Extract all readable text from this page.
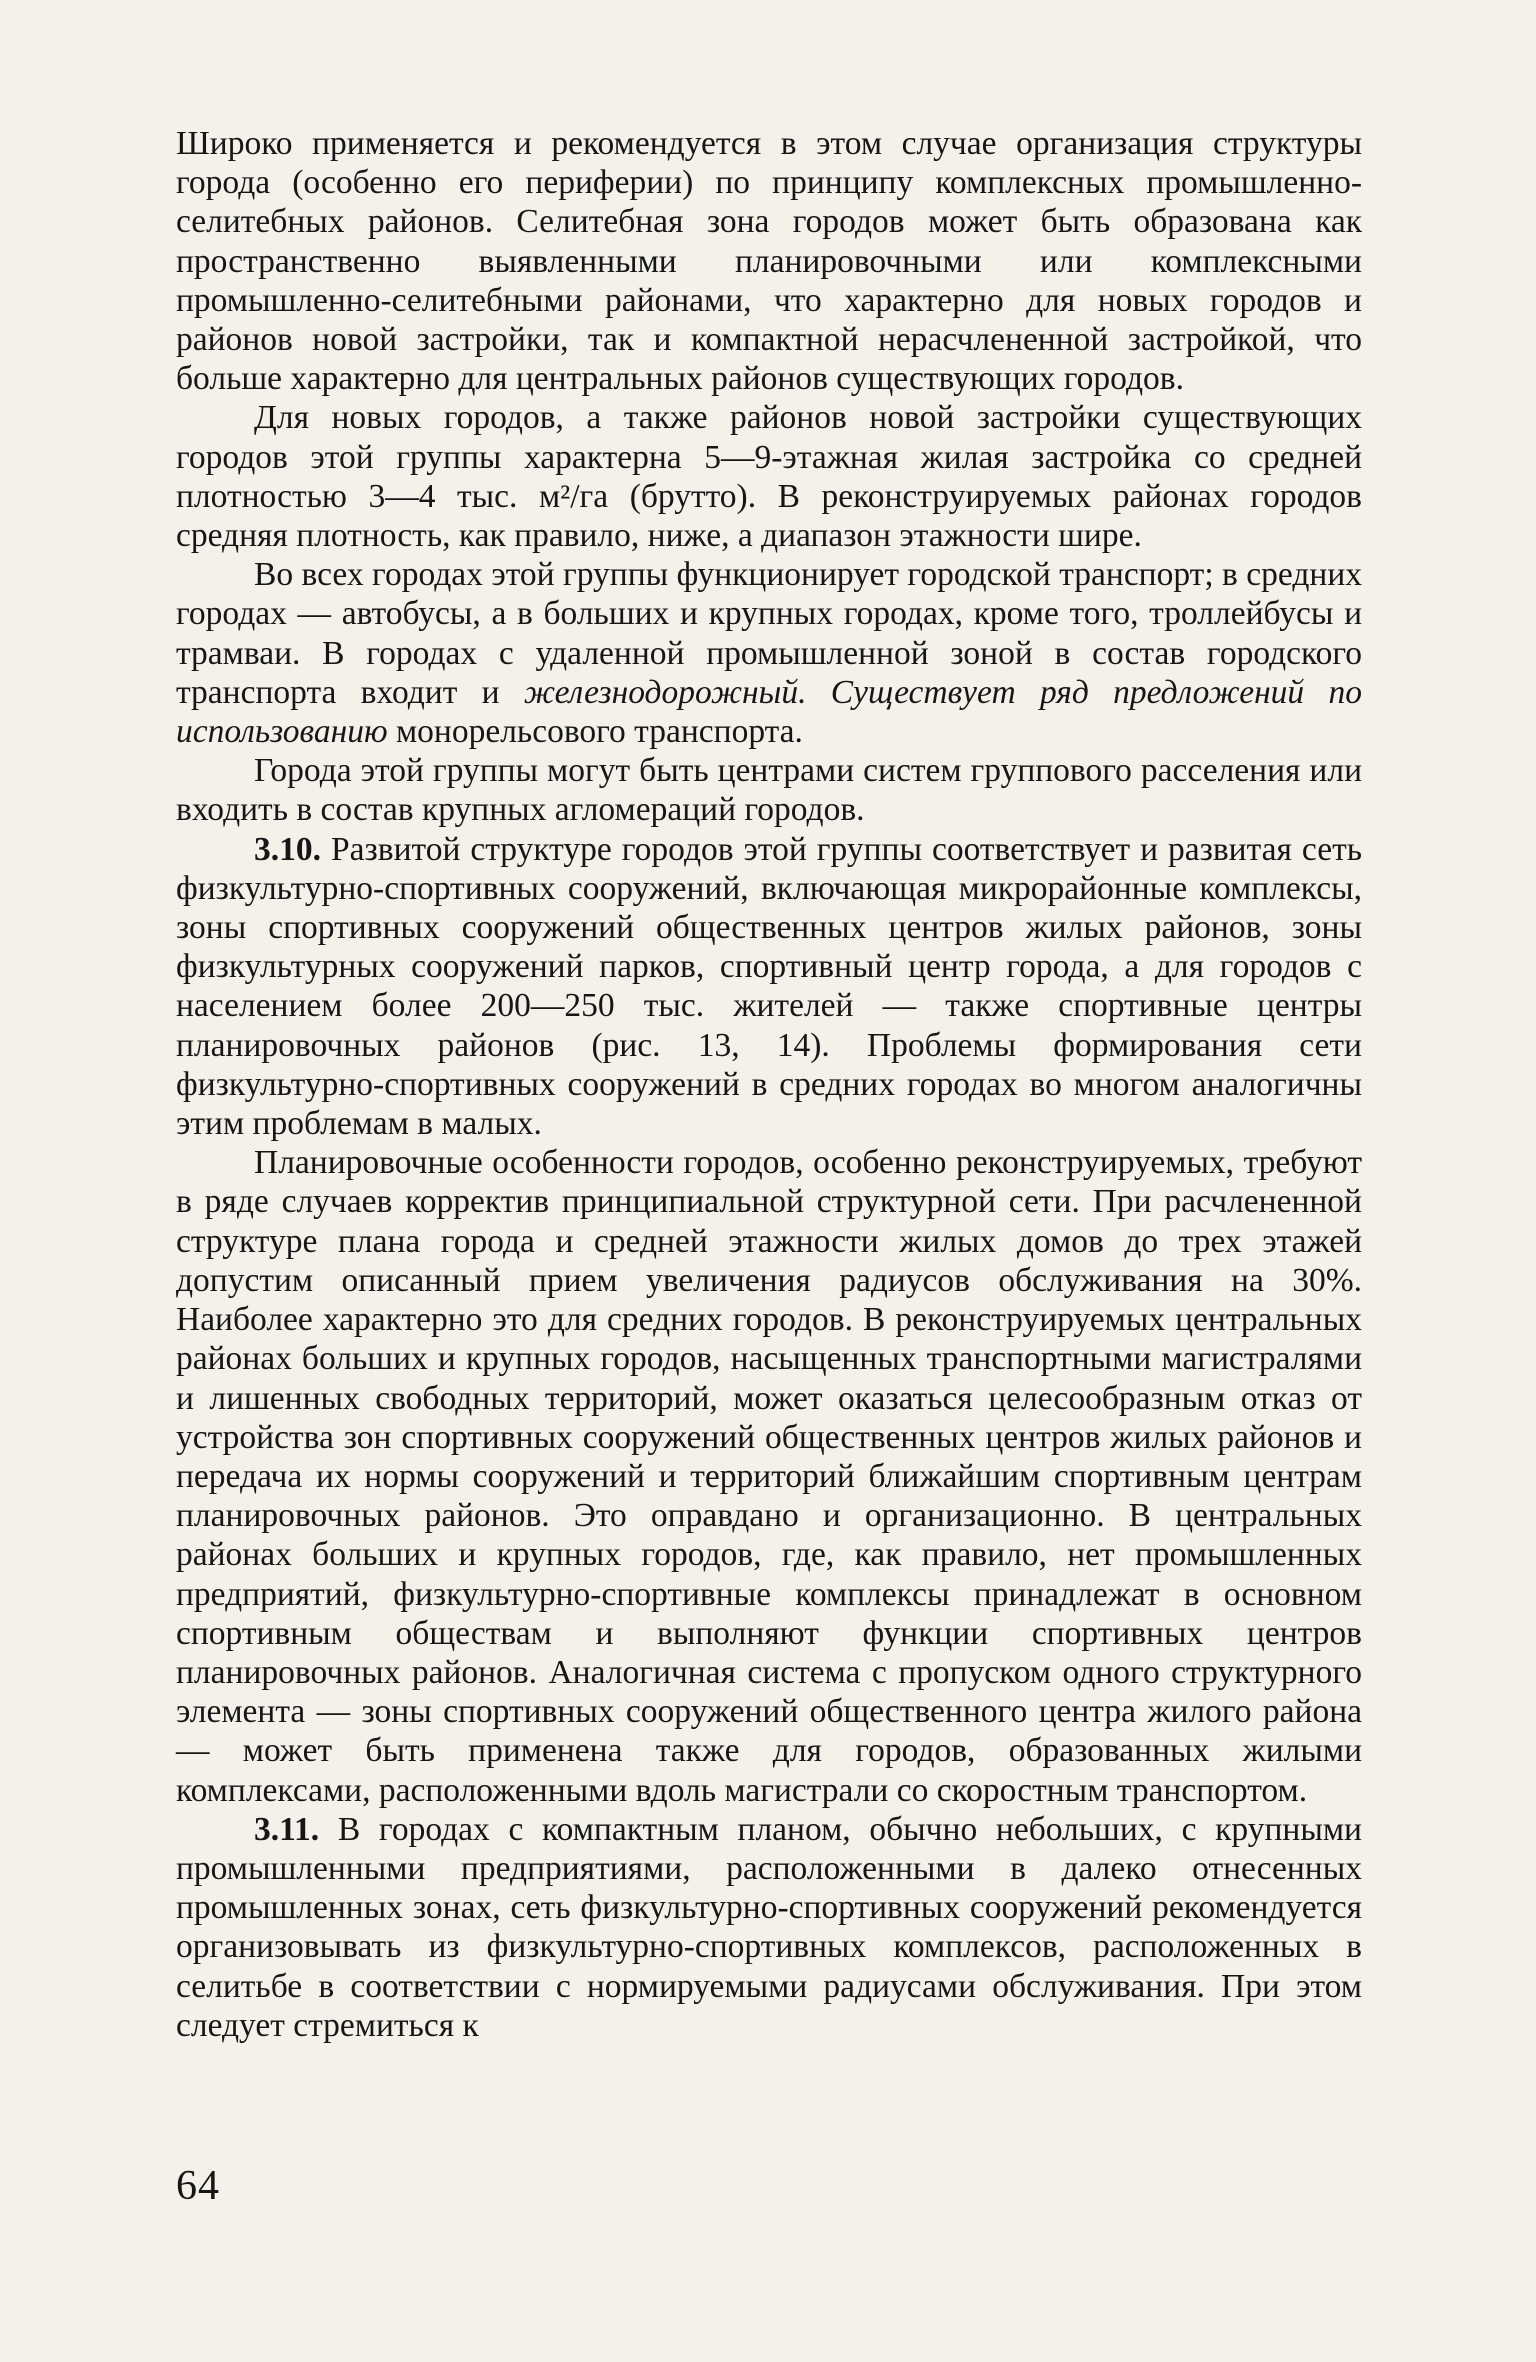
Широко применяется и рекомендуется в этом случае организация структуры города (особенно его периферии) по принципу комплексных промышленно-селитебных районов. Селитебная зона городов может быть образована как пространственно выявленными планировочными или комплексными промышленно-селитебными районами, что характерно для новых городов и районов новой застройки, так и компактной нерасчлененной застройкой, что больше характерно для центральных районов существующих городов.

Для новых городов, а также районов новой застройки существующих городов этой группы характерна 5—9-этажная жилая застройка со средней плотностью 3—4 тыс. м²/га (брутто). В реконструируемых районах городов средняя плотность, как правило, ниже, а диапазон этажности шире.

Во всех городах этой группы функционирует городской транспорт; в средних городах — автобусы, а в больших и крупных городах, кроме того, троллейбусы и трамваи. В городах с удаленной промышленной зоной в состав городского транспорта входит и железнодорожный. Существует ряд предложений по использованию монорельсового транспорта.

Города этой группы могут быть центрами систем группового расселения или входить в состав крупных агломераций городов.

3.10. Развитой структуре городов этой группы соответствует и развитая сеть физкультурно-спортивных сооружений, включающая микрорайонные комплексы, зоны спортивных сооружений общественных центров жилых районов, зоны физкультурных сооружений парков, спортивный центр города, а для городов с населением более 200—250 тыс. жителей — также спортивные центры планировочных районов (рис. 13, 14). Проблемы формирования сети физкультурно-спортивных сооружений в средних городах во многом аналогичны этим проблемам в малых.

Планировочные особенности городов, особенно реконструируемых, требуют в ряде случаев корректив принципиальной структурной сети. При расчлененной структуре плана города и средней этажности жилых домов до трех этажей допустим описанный прием увеличения радиусов обслуживания на 30%. Наиболее характерно это для средних городов. В реконструируемых центральных районах больших и крупных городов, насыщенных транспортными магистралями и лишенных свободных территорий, может оказаться целесообразным отказ от устройства зон спортивных сооружений общественных центров жилых районов и передача их нормы сооружений и территорий ближайшим спортивным центрам планировочных районов. Это оправдано и организационно. В центральных районах больших и крупных городов, где, как правило, нет промышленных предприятий, физкультурно-спортивные комплексы принадлежат в основном спортивным обществам и выполняют функции спортивных центров планировочных районов. Аналогичная система с пропуском одного структурного элемента — зоны спортивных сооружений общественного центра жилого района — может быть применена также для городов, образованных жилыми комплексами, расположенными вдоль магистрали со скоростным транспортом.

3.11. В городах с компактным планом, обычно небольших, с крупными промышленными предприятиями, расположенными в далеко отнесенных промышленных зонах, сеть физкультурно-спортивных сооружений рекомендуется организовывать из физкультурно-спортивных комплексов, расположенных в селитьбе в соответствии с нормируемыми радиусами обслуживания. При этом следует стремиться к

64
